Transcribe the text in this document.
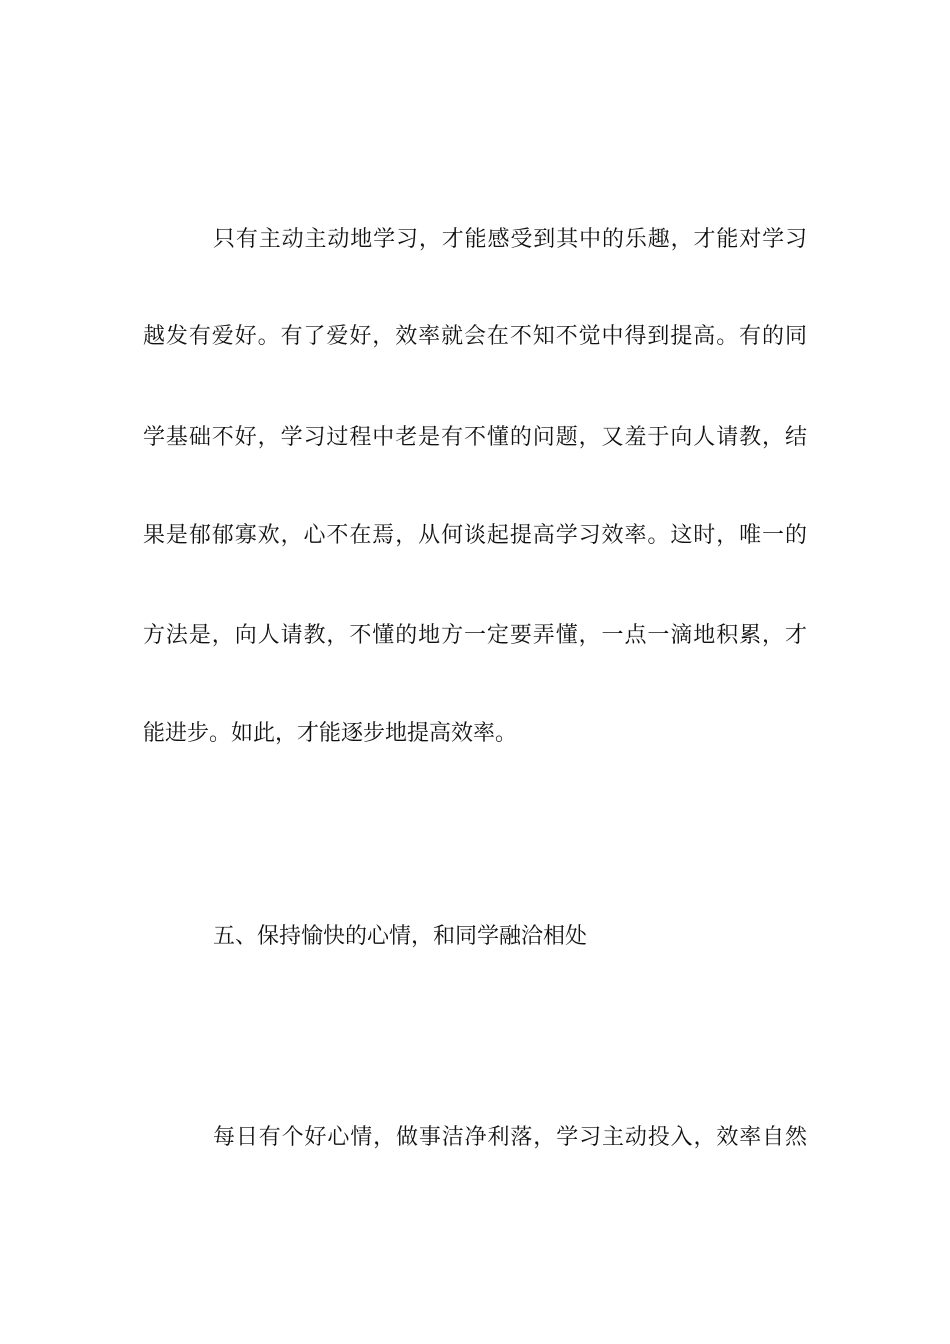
只有主动主动地学习，才能感受到其中的乐趣，才能对学习
越发有爱好。有了爱好，效率就会在不知不觉中得到提高。有的同
学基础不好，学习过程中老是有不懂的问题，又羞于向人请教，结
果是郁郁寡欢，心不在焉，从何谈起提高学习效率。这时，唯一的
方法是，向人请教，不懂的地方一定要弄懂，一点一滴地积累，才
能进步。如此，才能逐步地提高效率。
五、保持愉快的心情，和同学融洽相处
每日有个好心情，做事洁净利落，学习主动投入，效率自然
